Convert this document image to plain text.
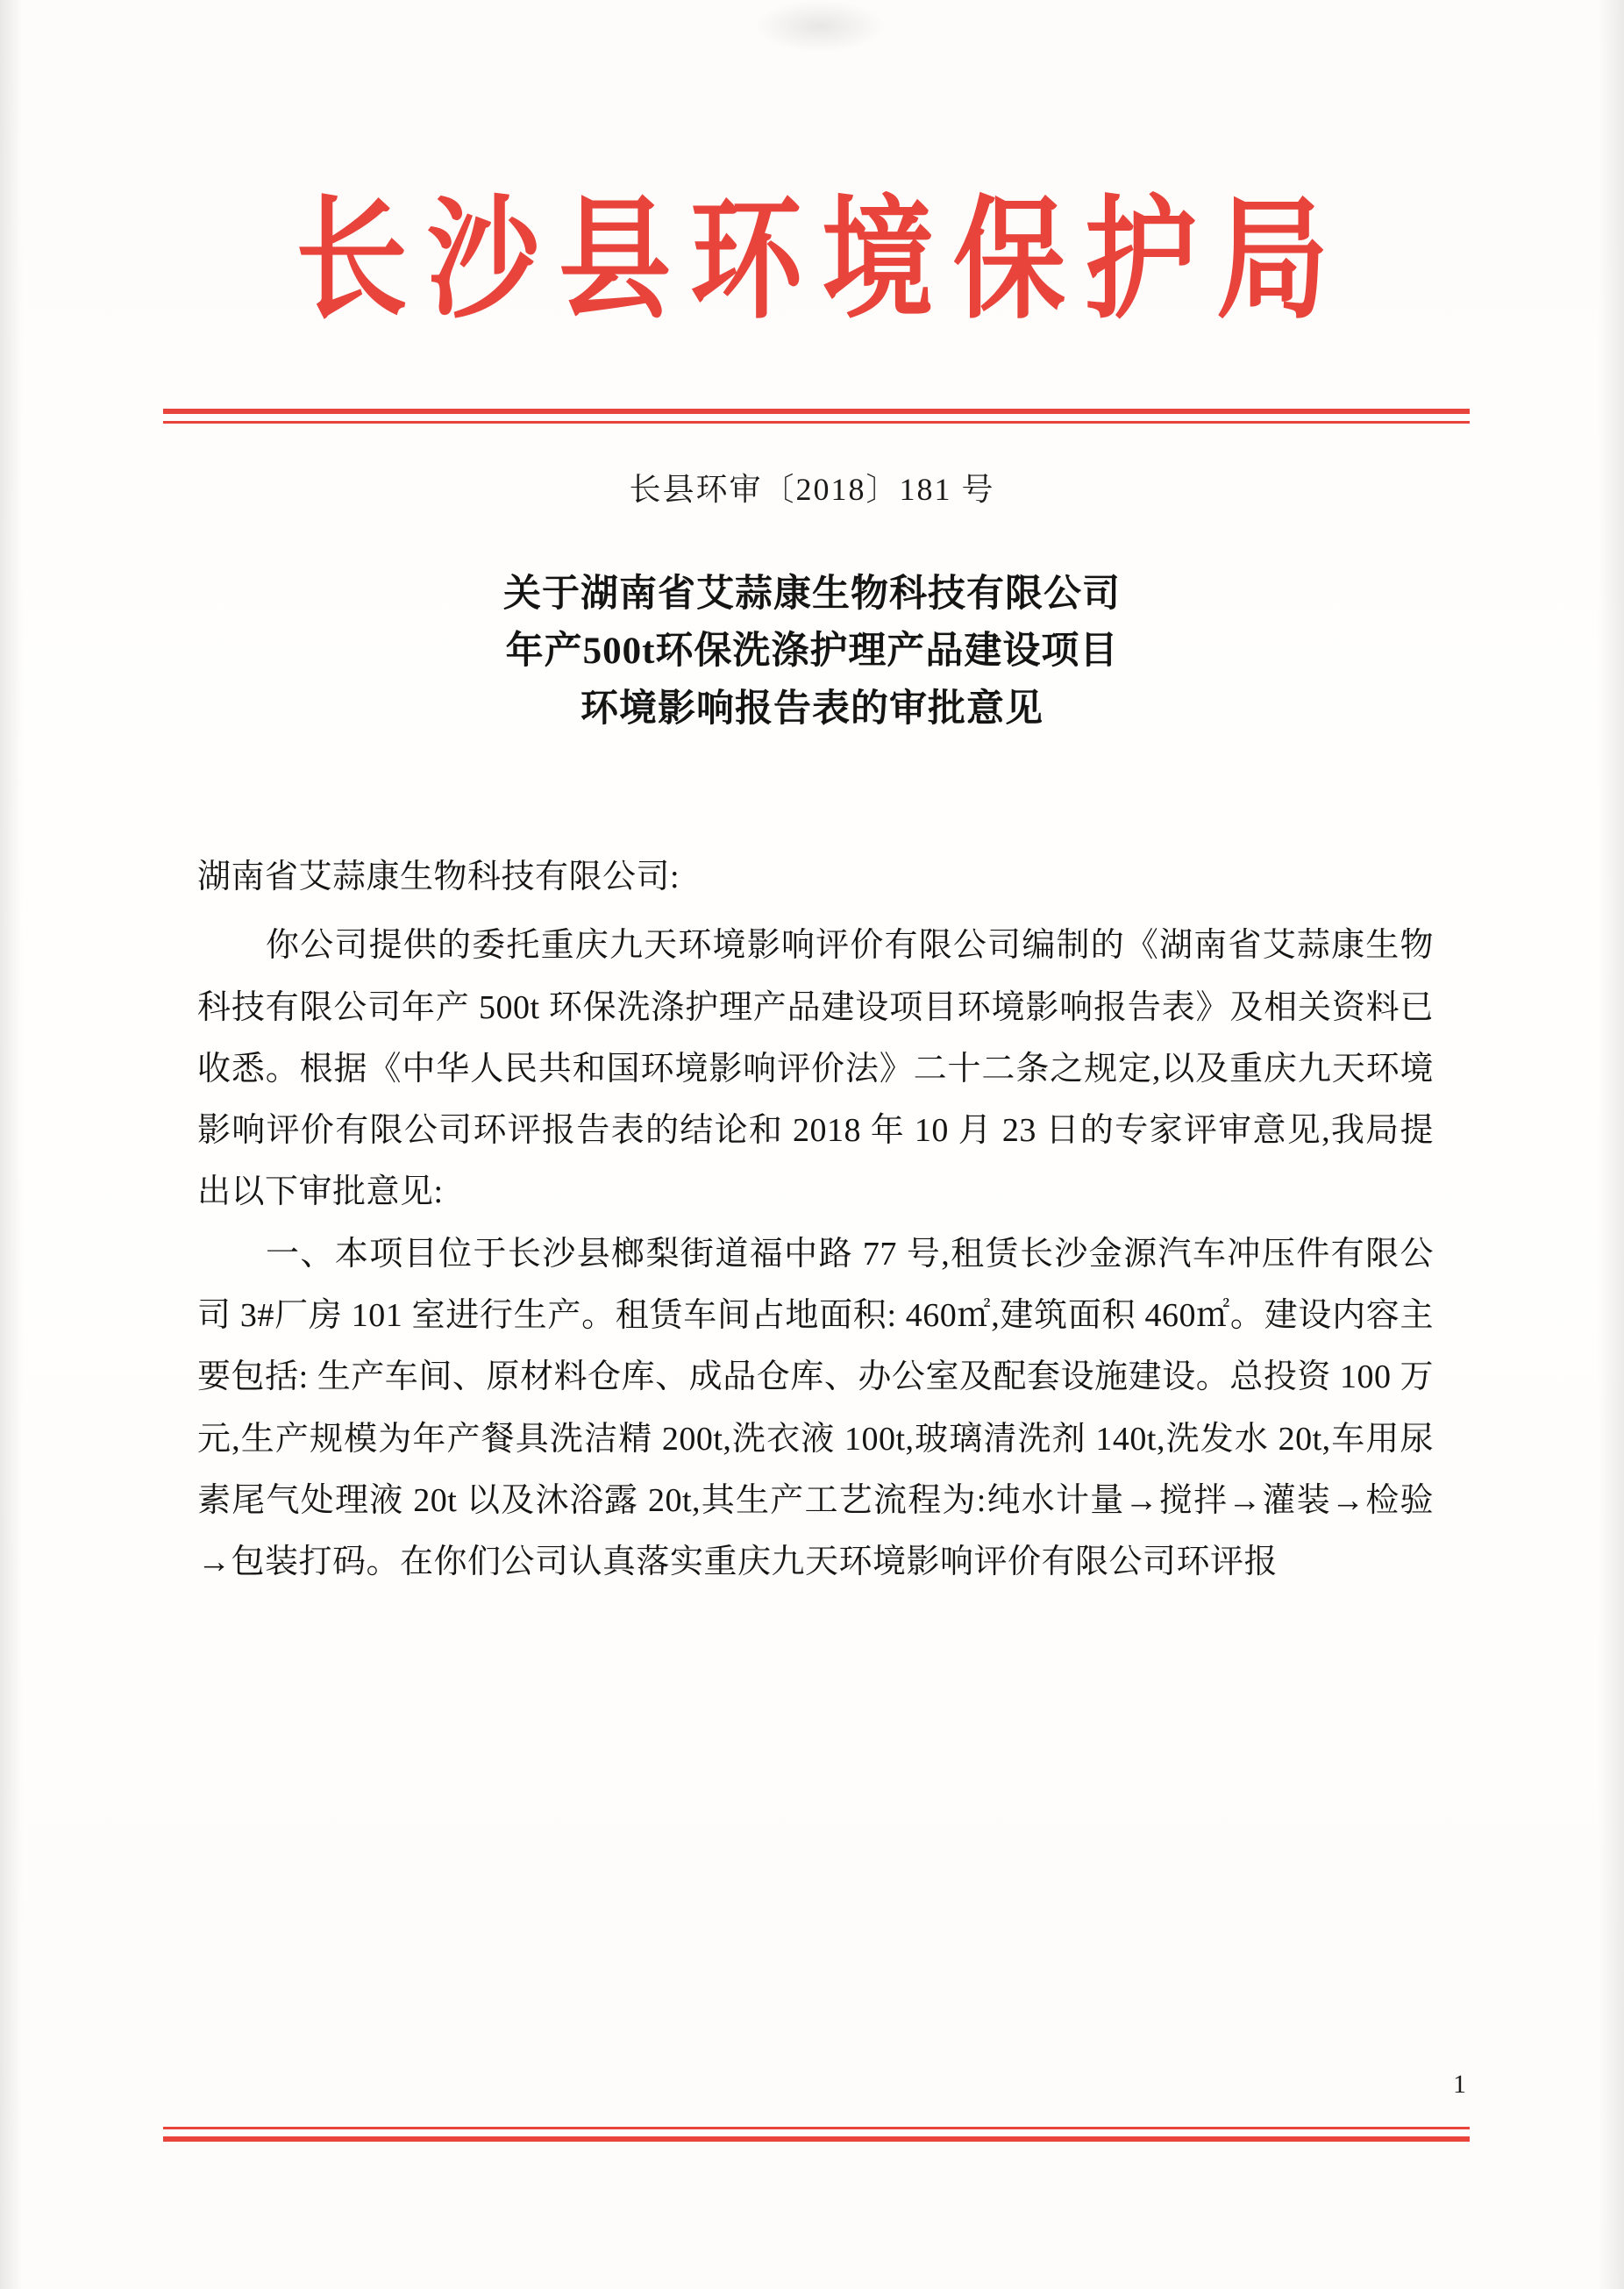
长沙县环境保护局
长县环审〔2018〕181 号
关于湖南省艾蒜康生物科技有限公司
年产500t环保洗涤护理产品建设项目
环境影响报告表的审批意见

湖南省艾蒜康生物科技有限公司:

你公司提供的委托重庆九天环境影响评价有限公司编制的《湖南省艾蒜康生物科技有限公司年产 500t 环保洗涤护理产品建设项目环境影响报告表》及相关资料已收悉。根据《中华人民共和国环境影响评价法》二十二条之规定,以及重庆九天环境影响评价有限公司环评报告表的结论和 2018 年 10 月 23 日的专家评审意见,我局提出以下审批意见:

一、本项目位于长沙县榔梨街道福中路 77 号,租赁长沙金源汽车冲压件有限公司 3#厂房 101 室进行生产。租赁车间占地面积: 460㎡,建筑面积 460㎡。建设内容主要包括: 生产车间、原材料仓库、成品仓库、办公室及配套设施建设。总投资 100 万元,生产规模为年产餐具洗洁精 200t,洗衣液 100t,玻璃清洗剂 140t,洗发水 20t,车用尿素尾气处理液 20t 以及沐浴露 20t,其生产工艺流程为:纯水计量→搅拌→灌装→检验→包装打码。在你们公司认真落实重庆九天环境影响评价有限公司环评报

1
